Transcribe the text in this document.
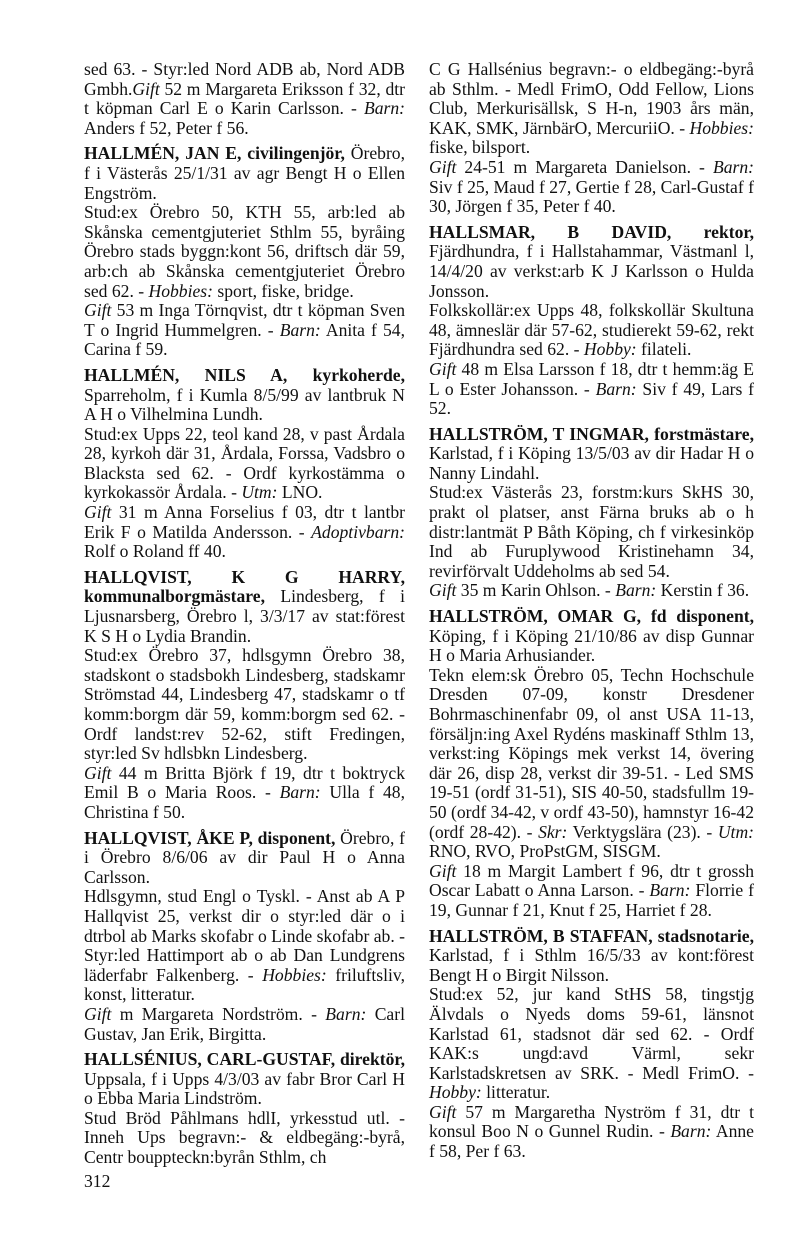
sed 63. - Styr:led Nord ADB ab, Nord ADB Gmbh.Gift 52 m Margareta Eriksson f 32, dtr t köpman Carl E o Karin Carlsson. - Barn: Anders f 52, Peter f 56.

HALLMÉN, JAN E, civilingenjör, Örebro, f i Västerås 25/1/31 av agr Bengt H o Ellen Engström.

Stud:ex Örebro 50, KTH 55, arb:led ab Skånska cementgjuteriet Sthlm 55, byråing Örebro stads byggn:kont 56, driftsch där 59, arb:ch ab Skånska cementgjuteriet Örebro sed 62. - Hobbies: sport, fiske, bridge.

Gift 53 m Inga Törnqvist, dtr t köpman Sven T o Ingrid Hummelgren. - Barn: Anita f 54, Carina f 59.

HALLMÉN, NILS A, kyrkoherde, Sparreholm, f i Kumla 8/5/99 av lantbruk N A H o Vilhelmina Lundh.

Stud:ex Upps 22, teol kand 28, v past Årdala 28, kyrkoh där 31, Årdala, Forssa, Vadsbro o Blacksta sed 62. - Ordf kyrkostämma o kyrkokassör Årdala. - Utm: LNO.

Gift 31 m Anna Forselius f 03, dtr t lantbr Erik F o Matilda Andersson. - Adoptivbarn: Rolf o Roland ff 40.

HALLQVIST, K G HARRY, kommunalborgmästare, Lindesberg, f i Ljusnarsberg, Örebro l, 3/3/17 av stat:förest K S H o Lydia Brandin.

Stud:ex Örebro 37, hdlsgymn Örebro 38, stadskont o stadsbokh Lindesberg, stadskamr Strömstad 44, Lindesberg 47, stadskamr o tf komm:borgm där 59, komm:borgm sed 62. - Ordf landst:rev 52-62, stift Fredingen, styr:led Sv hdlsbkn Lindesberg.

Gift 44 m Britta Björk f 19, dtr t boktryck Emil B o Maria Roos. - Barn: Ulla f 48, Christina f 50.

HALLQVIST, ÅKE P, disponent, Örebro, f i Örebro 8/6/06 av dir Paul H o Anna Carlsson.

Hdlsgymn, stud Engl o Tyskl. - Anst ab A P Hallqvist 25, verkst dir o styr:led där o i dtrbol ab Marks skofabr o Linde skofabr ab. - Styr:led Hattimport ab o ab Dan Lundgrens läderfabr Falkenberg. - Hobbies: friluftsliv, konst, litteratur.

Gift m Margareta Nordström. - Barn: Carl Gustav, Jan Erik, Birgitta.

HALLSÉNIUS, CARL-GUSTAF, direktör, Uppsala, f i Upps 4/3/03 av fabr Bror Carl H o Ebba Maria Lindström.

Stud Bröd Påhlmans hdlI, yrkesstud utl. - Inneh Ups begravn:- & eldbegäng:-byrå, Centr bouppteckn:byrån Sthlm, ch

C G Hallsénius begravn:- o eldbegäng:-byrå ab Sthlm. - Medl FrimO, Odd Fellow, Lions Club, Merkurisällsk, S H-n, 1903 års män, KAK, SMK, JärnbärO, MercuriiO. - Hobbies: fiske, bilsport.
Gift 24-51 m Margareta Danielson. - Barn: Siv f 25, Maud f 27, Gertie f 28, Carl-Gustaf f 30, Jörgen f 35, Peter f 40.

HALLSMAR, B DAVID, rektor, Fjärdhundra, f i Hallstahammar, Västmanl l, 14/4/20 av verkst:arb K J Karlsson o Hulda Jonsson.

Folkskollär:ex Upps 48, folkskollär Skultuna 48, ämneslär där 57-62, studierekt 59-62, rekt Fjärdhundra sed 62. - Hobby: filateli.

Gift 48 m Elsa Larsson f 18, dtr t hemm:äg E L o Ester Johansson. - Barn: Siv f 49, Lars f 52.

HALLSTRÖM, T INGMAR, forstmästare, Karlstad, f i Köping 13/5/03 av dir Hadar H o Nanny Lindahl.

Stud:ex Västerås 23, forstm:kurs SkHS 30, prakt ol platser, anst Färna bruks ab o h distr:lantmät P Båth Köping, ch f virkesinköp Ind ab Furuplywood Kristinehamn 34, revirförvalt Uddeholms ab sed 54.

Gift 35 m Karin Ohlson. - Barn: Kerstin f 36.

HALLSTRÖM, OMAR G, fd disponent, Köping, f i Köping 21/10/86 av disp Gunnar H o Maria Arhusiander.

Tekn elem:sk Örebro 05, Techn Hochschule Dresden 07-09, konstr Dresdener Bohrmaschinenfabr 09, ol anst USA 11-13, försäljn:ing Axel Rydéns maskinaff Sthlm 13, verkst:ing Köpings mek verkst 14, övering där 26, disp 28, verkst dir 39-51. - Led SMS 19-51 (ordf 31-51), SIS 40-50, stadsfullm 19-50 (ordf 34-42, v ordf 43-50), hamnstyr 16-42 (ordf 28-42). - Skr: Verktygslära (23). - Utm: RNO, RVO, ProPstGM, SISGM.

Gift 18 m Margit Lambert f 96, dtr t grossh Oscar Labatt o Anna Larson. - Barn: Florrie f 19, Gunnar f 21, Knut f 25, Harriet f 28.

HALLSTRÖM, B STAFFAN, stadsnotarie, Karlstad, f i Sthlm 16/5/33 av kont:förest Bengt H o Birgit Nilsson.

Stud:ex 52, jur kand StHS 58, tingstjg Älvdals o Nyeds doms 59-61, länsnot Karlstad 61, stadsnot där sed 62. - Ordf KAK:s ungd:avd Värml, sekr Karlstadskretsen av SRK. - Medl FrimO. - Hobby: litteratur.

Gift 57 m Margaretha Nyström f 31, dtr t konsul Boo N o Gunnel Rudin. - Barn: Anne f 58, Per f 63.

312
